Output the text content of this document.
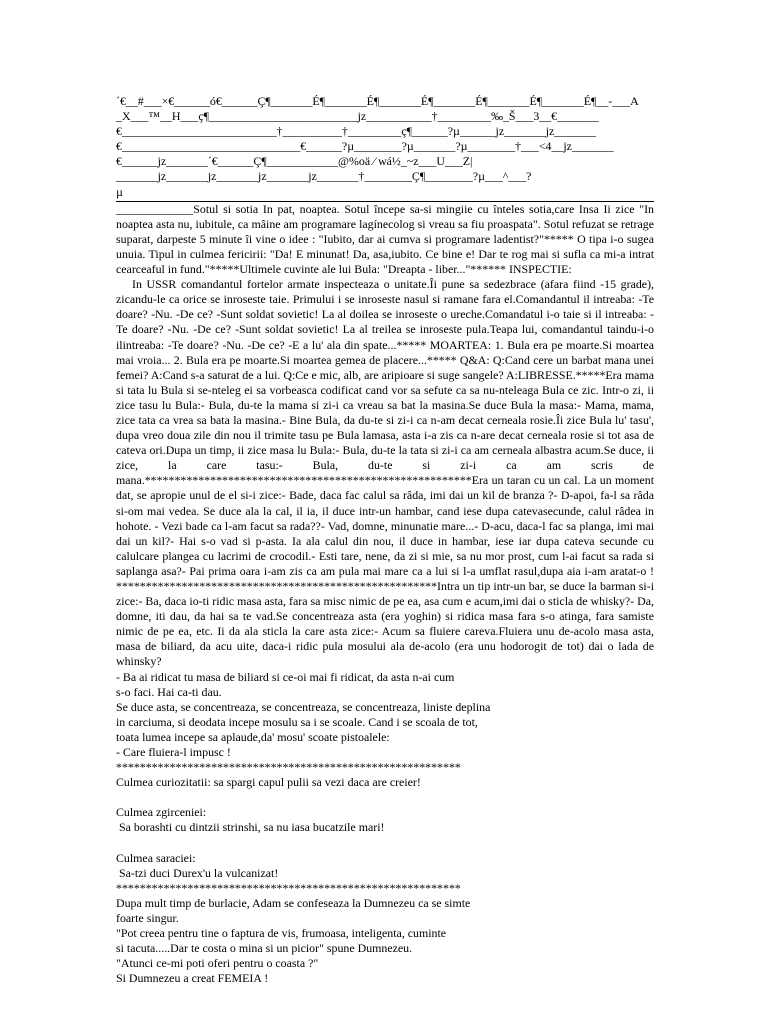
´€__#___×€______ó€______Ç¶_______É¶_______É¶_______É¶_______É¶_______É¶_______É¶__-___A
_X___™__H___ç¶_________________________jz___________†_________‰_Š___3__€_______
€__________________________†__________†_________ç¶______?µ______jz_______jz_______
€______________________________€______?µ________?µ_______?µ________†___<4__jz_______
€______jz_______´€______Ç¶____________@%oä ⁄ wá½_~z___U___Z|
_______jz_______jz_______jz_______jz_______†________Ç¶________?µ___^___?
µ
_____________Sotul si sotia In pat, noaptea. Sotul începe sa-si mingiie cu înteles sotia,care Insa Ii zice "In noaptea asta nu, iubitule, ca mâine am programare lagínecolog si vreau sa fiu proaspata". Sotul refuzat se retrage suparat, darpeste 5 minute îi vine o idee : "Iubito, dar ai cumva si programare ladentist?"***** O tipa i-o sugea unuia. Tipul in culmea fericirii: "Da! E minunat! Da, asa,iubito. Ce bine e! Dar te rog mai si sufla ca mi-a intrat cearceaful in fund."*****Ultimele cuvinte ale lui Bula: "Dreapta - liber..."****** INSPECTIE:
In USSR comandantul fortelor armate inspecteaza o unitate.Îi pune sa sedezbrace (afara fiind -15 grade), zicandu-le ca orice se inroseste taie. Primului i se inroseste nasul si ramane fara el.Comandantul il intreaba: -Te doare? -Nu. -De ce? -Sunt soldat sovietic! La al doilea se inroseste o ureche.Comandatul i-o taie si il intreaba: -Te doare? -Nu. -De ce? -Sunt soldat sovietic! La al treilea se inroseste pula.Teapa lui, comandantul taindu-i-o ilintreaba: -Te doare? -Nu. -De ce? -E a lu' ala din spate...***** MOARTEA: 1. Bula era pe moarte.Si moartea mai vroia... 2. Bula era pe moarte.Si moartea gemea de placere...***** Q&A: Q:Cand cere un barbat mana unei femei? A:Cand s-a saturat de a lui. Q:Ce e mic, alb, are aripioare si suge sangele? A:LIBRESSE.*****Era mama si tata lu Bula si se-nteleg ei sa vorbeasca codificat cand vor sa sefute ca sa nu-nteleaga Bula ce zic. Intr-o zi, ii zice tasu lu Bula:- Bula, du-te la mama si zi-i ca vreau sa bat la masina.Se duce Bula la masa:- Mama, mama, zice tata ca vrea sa bata la masina.- Bine Bula, da du-te si zi-i ca n-am decat cerneala rosie.Îi zice Bula lu' tasu', dupa vreo doua zile din nou il trimite tasu pe Bula lamasa, asta i-a zis ca n-are decat cerneala rosie si tot asa de cateva ori.Dupa un timp, ii zice masa lu Bula:- Bula, du-te la tata si zi-i ca am cerneala albastra acum.Se duce, ii zice, la care tasu:- Bula, du-te si zi-i ca am scris de mana.*******************************************************Era un taran cu un cal. La un moment dat, se apropie unul de el si-i zice:- Bade, daca fac calul sa râda, imi dai un kil de branza ?- D-apoi, fa-l sa râda si-om mai vedea. Se duce ala la cal, il ia, il duce intr-un hambar, cand iese dupa catevasecunde, calul râdea in hohote. - Vezi bade ca l-am facut sa rada??- Vad, domne, minunatie mare...- D-acu, daca-l fac sa planga, imi mai dai un kil?- Hai s-o vad si p-asta. Ia ala calul din nou, il duce in hambar, iese iar dupa cateva secunde cu calulcare plangea cu lacrimi de crocodil.- Esti tare, nene, da zi si mie, sa nu mor prost, cum l-ai facut sa rada si saplanga asa?- Pai prima oara i-am zis ca am pula mai mare ca a lui si l-a umflat rasul,dupa aia i-am aratat-o ! ******************************************************Intra un tip intr-un bar, se duce la barman si-i zice:- Ba, daca io-ti ridic masa asta, fara sa misc nimic de pe ea, asa cum e acum,imi dai o sticla de whisky?- Da, domne, iti dau, da hai sa te vad.Se concentreaza asta (era yoghin) si ridica masa fara s-o atinga, fara samiste nimic de pe ea, etc. Ii da ala sticla la care asta zice:- Acum sa fluiere careva.Fluiera unu de-acolo masa asta, masa de biliard, da acu uite, daca-i ridic pula mosului ala de-acolo (era unu hodorogit de tot) dai o lada de whinsky?
- Ba ai ridicat tu masa de biliard si ce-oi mai fi ridicat, da asta n-ai cum
s-o faci. Hai ca-ti dau.
Se duce asta, se concentreaza, se concentreaza, se concentreaza, liniste deplina
in carciuma, si deodata incepe mosulu sa i se scoale. Cand i se scoala de tot,
toata lumea incepe sa aplaude,da' mosu' scoate pistoalele:
- Care fluiera-l impusc !
**********************************************************
Culmea curiozitatii: sa spargi capul pulii sa vezi daca are creier!
Culmea zgirceniei:
Sa borashti cu dintzii strinshi, sa nu iasa bucatzile mari!
Culmea saraciei:
Sa-tzi duci Durex'u la vulcanizat!
**********************************************************
Dupa mult timp de burlacie, Adam se confeseaza la Dumnezeu ca se simte
foarte singur.
"Pot creea pentru tine o faptura de vis, frumoasa, inteligenta, cuminte
si tacuta.....Dar te costa o mina si un picior" spune Dumnezeu.
"Atunci ce-mi poti oferi pentru o coasta ?"
Si Dumnezeu a creat FEMEIA !
